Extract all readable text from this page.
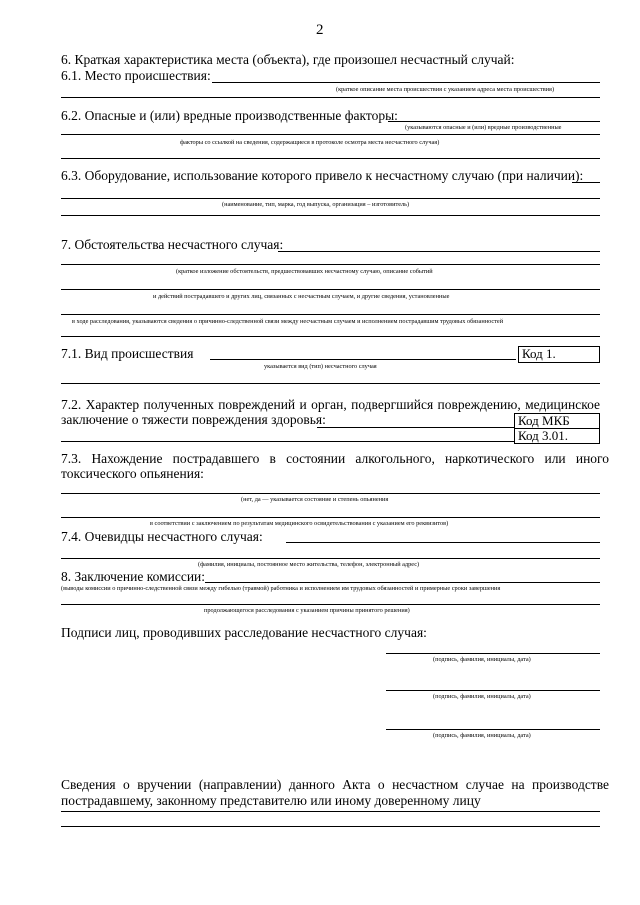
2
6. Краткая характеристика места (объекта), где произошел несчастный случай:
6.1. Место происшествия:
(краткое описание места происшествия с указанием адреса места происшествия)
6.2. Опасные и (или) вредные производственные факторы:
(указываются опасные и (или) вредные производственные
факторы со ссылкой на сведения, содержащиеся в протоколе осмотра места несчастного случая)
6.3. Оборудование, использование которого привело к несчастному случаю (при наличии):
(наименование, тип, марка, год выпуска, организация – изготовитель)
7. Обстоятельства несчастного случая:
(краткое изложение обстоятельств, предшествовавших несчастному случаю, описание событий
и действий пострадавшего и других лиц, связанных с несчастным случаем, и другие сведения, установленные
в ходе расследования, указываются сведения о причинно-следственной связи между несчастным случаем и исполнением пострадавшим трудовых обязанностей
7.1. Вид происшествия	Код 1.
указывается вид (тип) несчастного случая
7.2. Характер полученных повреждений и орган, подвергшийся повреждению, медицинское
заключение о тяжести повреждения здоровья:	Код МКБ
Код 3.01.
7.3. Нахождение пострадавшего в состоянии алкогольного, наркотического или иного
токсического опьянения:
(нет, да — указывается состояние и степень опьянения
в соответствии с заключением по результатам медицинского освидетельствования с указанием его реквизитов)
7.4. Очевидцы несчастного случая:
(фамилия, инициалы, постоянное место жительства, телефон, электронный адрес)
8. Заключение комиссии:
(выводы комиссии о причинно-следственной связи между гибелью (травмой) работника и исполнением им трудовых обязанностей и примерные сроки завершения
продолжающегося расследования с указанием причины принятого решения)
Подписи лиц, проводивших расследование несчастного случая:
(подпись, фамилия, инициалы, дата)
(подпись, фамилия, инициалы, дата)
(подпись, фамилия, инициалы, дата)
Сведения о вручении (направлении) данного Акта о несчастном случае на производстве
пострадавшему, законному представителю или иному доверенному лицу
